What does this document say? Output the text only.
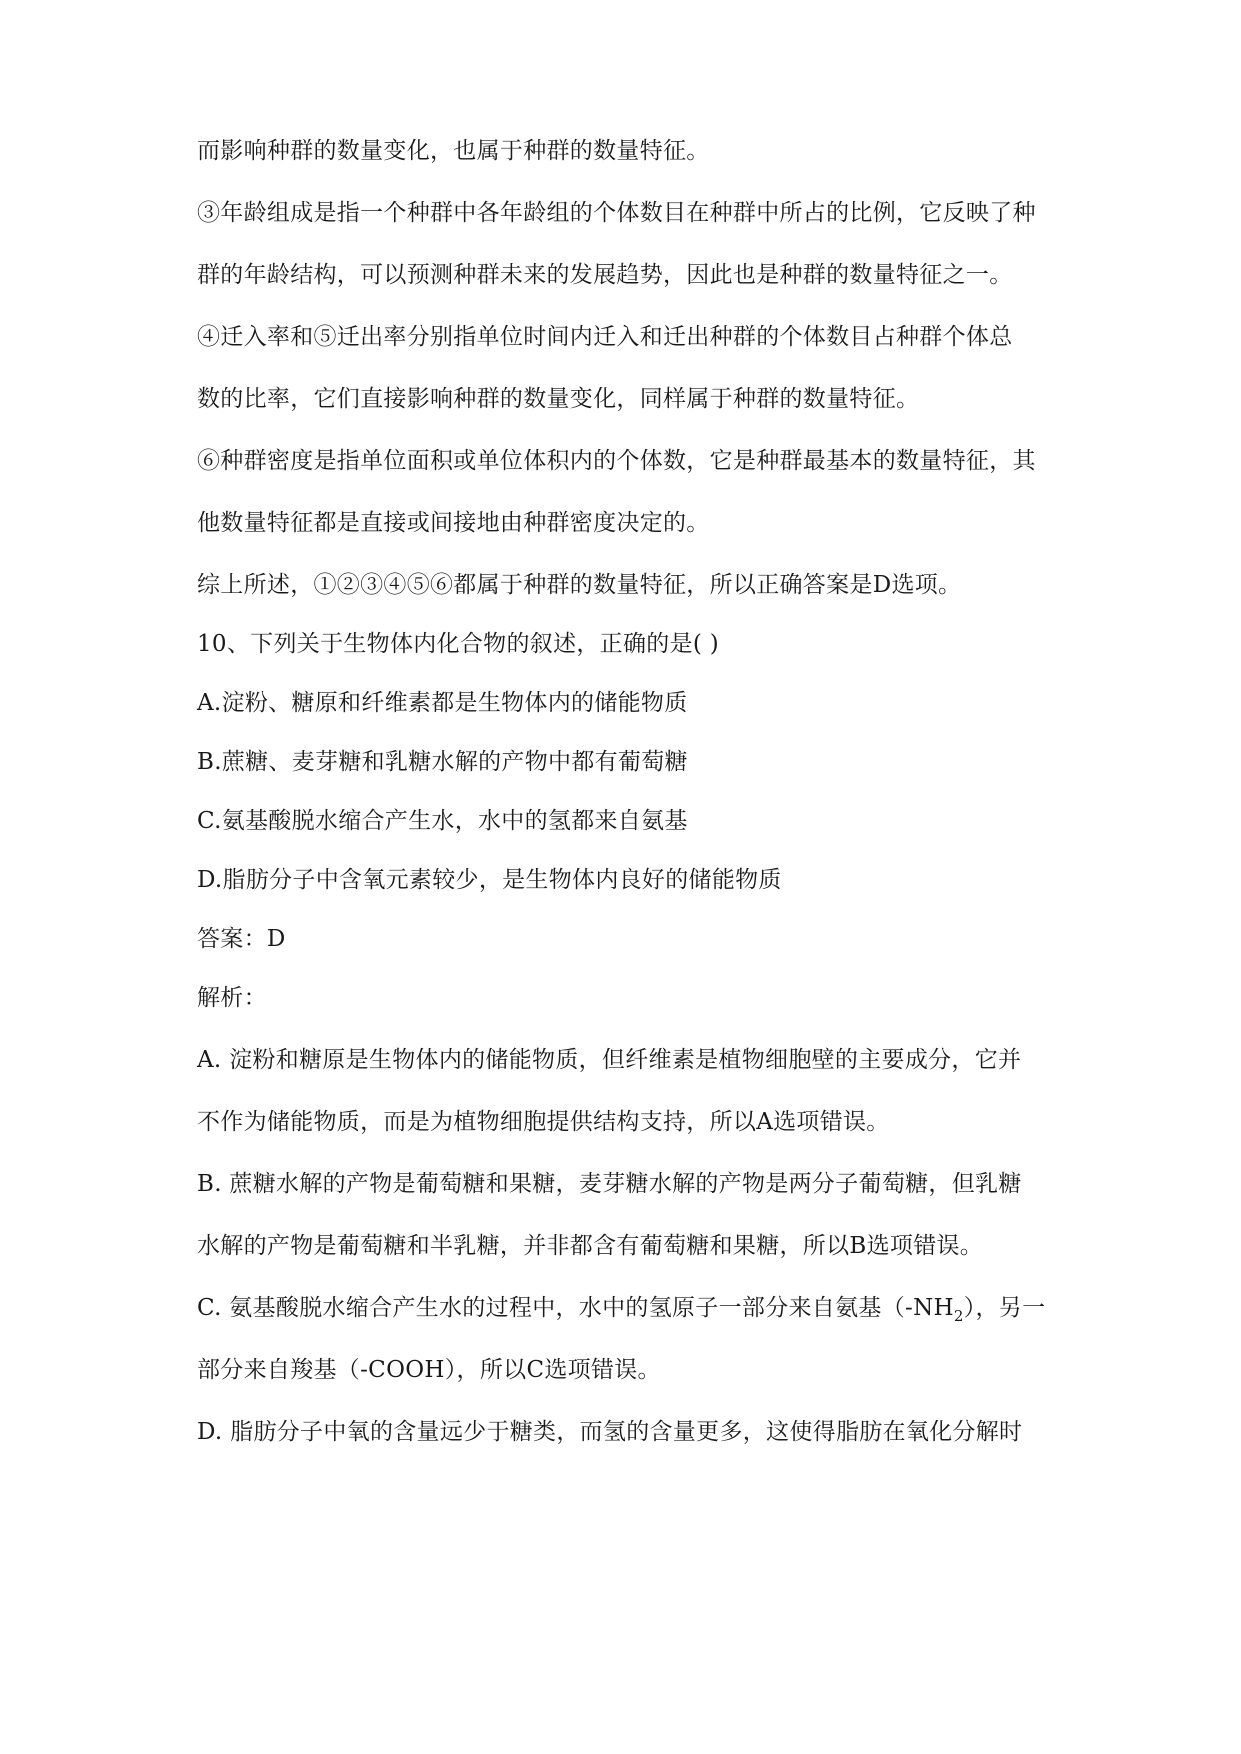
而影响种群的数量变化，也属于种群的数量特征。
③年龄组成是指一个种群中各年龄组的个体数目在种群中所占的比例，它反映了种
群的年龄结构，可以预测种群未来的发展趋势，因此也是种群的数量特征之一。
④迁入率和⑤迁出率分别指单位时间内迁入和迁出种群的个体数目占种群个体总
数的比率，它们直接影响种群的数量变化，同样属于种群的数量特征。
⑥种群密度是指单位面积或单位体积内的个体数，它是种群最基本的数量特征，其
他数量特征都是直接或间接地由种群密度决定的。
综上所述，①②③④⑤⑥都属于种群的数量特征，所以正确答案是D选项。
10、下列关于生物体内化合物的叙述，正确的是( )
A.淀粉、糖原和纤维素都是生物体内的储能物质
B.蔗糖、麦芽糖和乳糖水解的产物中都有葡萄糖
C.氨基酸脱水缩合产生水，水中的氢都来自氨基
D.脂肪分子中含氧元素较少，是生物体内良好的储能物质
答案：D
解析：
A. 淀粉和糖原是生物体内的储能物质，但纤维素是植物细胞壁的主要成分，它并
不作为储能物质，而是为植物细胞提供结构支持，所以A选项错误。
B. 蔗糖水解的产物是葡萄糖和果糖，麦芽糖水解的产物是两分子葡萄糖，但乳糖
水解的产物是葡萄糖和半乳糖，并非都含有葡萄糖和果糖，所以B选项错误。
C. 氨基酸脱水缩合产生水的过程中，水中的氢原子一部分来自氨基$(-NH_2)$，另一
部分来自羧基（-COOH），所以C选项错误。
D. 脂肪分子中氧的含量远少于糖类，而氢的含量更多，这使得脂肪在氧化分解时
